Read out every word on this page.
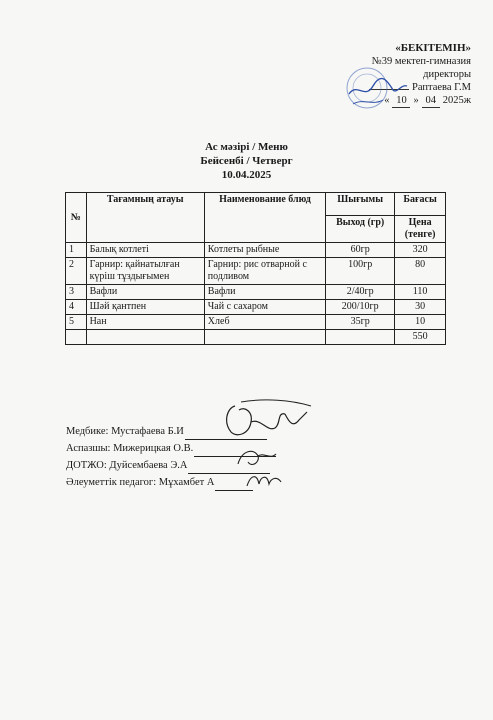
«БЕКІТЕМІН»
№39 мектеп-гимназия
директоры
Раптаева Г.М
« 10 » 04 2025ж
Ас мәзірі / Меню
Бейсенбі / Четверг
10.04.2025
№	Тағамның атауы	Наименование блюд	Шығымы	Бағасы
			Выход (гр)	Цена (тенге)
1	Балық котлеті	Котлеты рыбные	60гр	320
2	Гарнир: қайнатылған күріш тұздығымен	Гарнир: рис отварной с подливом	100гр	80
3	Вафли	Вафли	2/40гр	110
4	Шәй қантпен	Чай с сахаром	200/10гр	30
5	Нан	Хлеб	35гр	10
				550
Медбике: Мустафаева Б.И
Аспазшы: Мижерицкая О.В.
ДОТЖО: Дуйсембаева Э.А
Әлеуметтік педагог: Мұхамбет А
